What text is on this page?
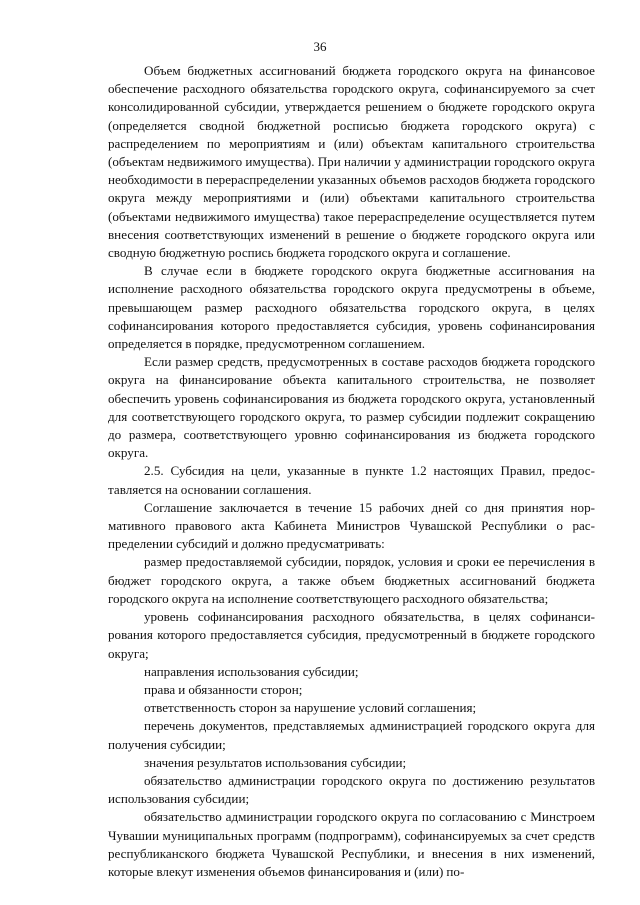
36

Объем бюджетных ассигнований бюджета городского округа на финансовое обеспечение расходного обязательства городского округа, софинансируемого за счет консолидированной субсидии, утверждается решением о бюджете городского округа (определяется сводной бюджетной росписью бюджета городского округа) с распределением по мероприятиям и (или) объектам капитального строительства (объектам недвижимого имущества). При наличии у администрации городского округа необходимости в перераспределении указанных объемов расходов бюджета городского округа между мероприятиями и (или) объектами капитального строительства (объектами недвижимого имущества) такое перераспределение осуществляется путем внесения соответствующих изменений в решение о бюджете городского округа или сводную бюджетную роспись бюджета городского округа и соглашение.

В случае если в бюджете городского округа бюджетные ассигнования на исполнение расходного обязательства городского округа предусмотрены в объеме, превышающем размер расходного обязательства городского округа, в целях софинансирования которого предоставляется субсидия, уровень софинансирования определяется в порядке, предусмотренном соглашением.

Если размер средств, предусмотренных в составе расходов бюджета городского округа на финансирование объекта капитального строительства, не позволяет обеспечить уровень софинансирования из бюджета городского округа, установленный для соответствующего городского округа, то размер субсидии подлежит сокращению до размера, соответствующего уровню софинансирования из бюджета городского округа.

2.5. Субсидия на цели, указанные в пункте 1.2 настоящих Правил, предоставляется на основании соглашения.

Соглашение заключается в течение 15 рабочих дней со дня принятия нормативного правового акта Кабинета Министров Чувашской Республики о распределении субсидий и должно предусматривать:

размер предоставляемой субсидии, порядок, условия и сроки ее перечисления в бюджет городского округа, а также объем бюджетных ассигнований бюджета городского округа на исполнение соответствующего расходного обязательства;

уровень софинансирования расходного обязательства, в целях софинансирования которого предоставляется субсидия, предусмотренный в бюджете городского округа;

направления использования субсидии;

права и обязанности сторон;

ответственность сторон за нарушение условий соглашения;

перечень документов, представляемых администрацией городского округа для получения субсидии;

значения результатов использования субсидии;

обязательство администрации городского округа по достижению результатов использования субсидии;

обязательство администрации городского округа по согласованию с Минстроем Чувашии муниципальных программ (подпрограмм), софинансируемых за счет средств республиканского бюджета Чувашской Республики, и внесения в них изменений, которые влекут изменения объемов финансирования и (или) по-
